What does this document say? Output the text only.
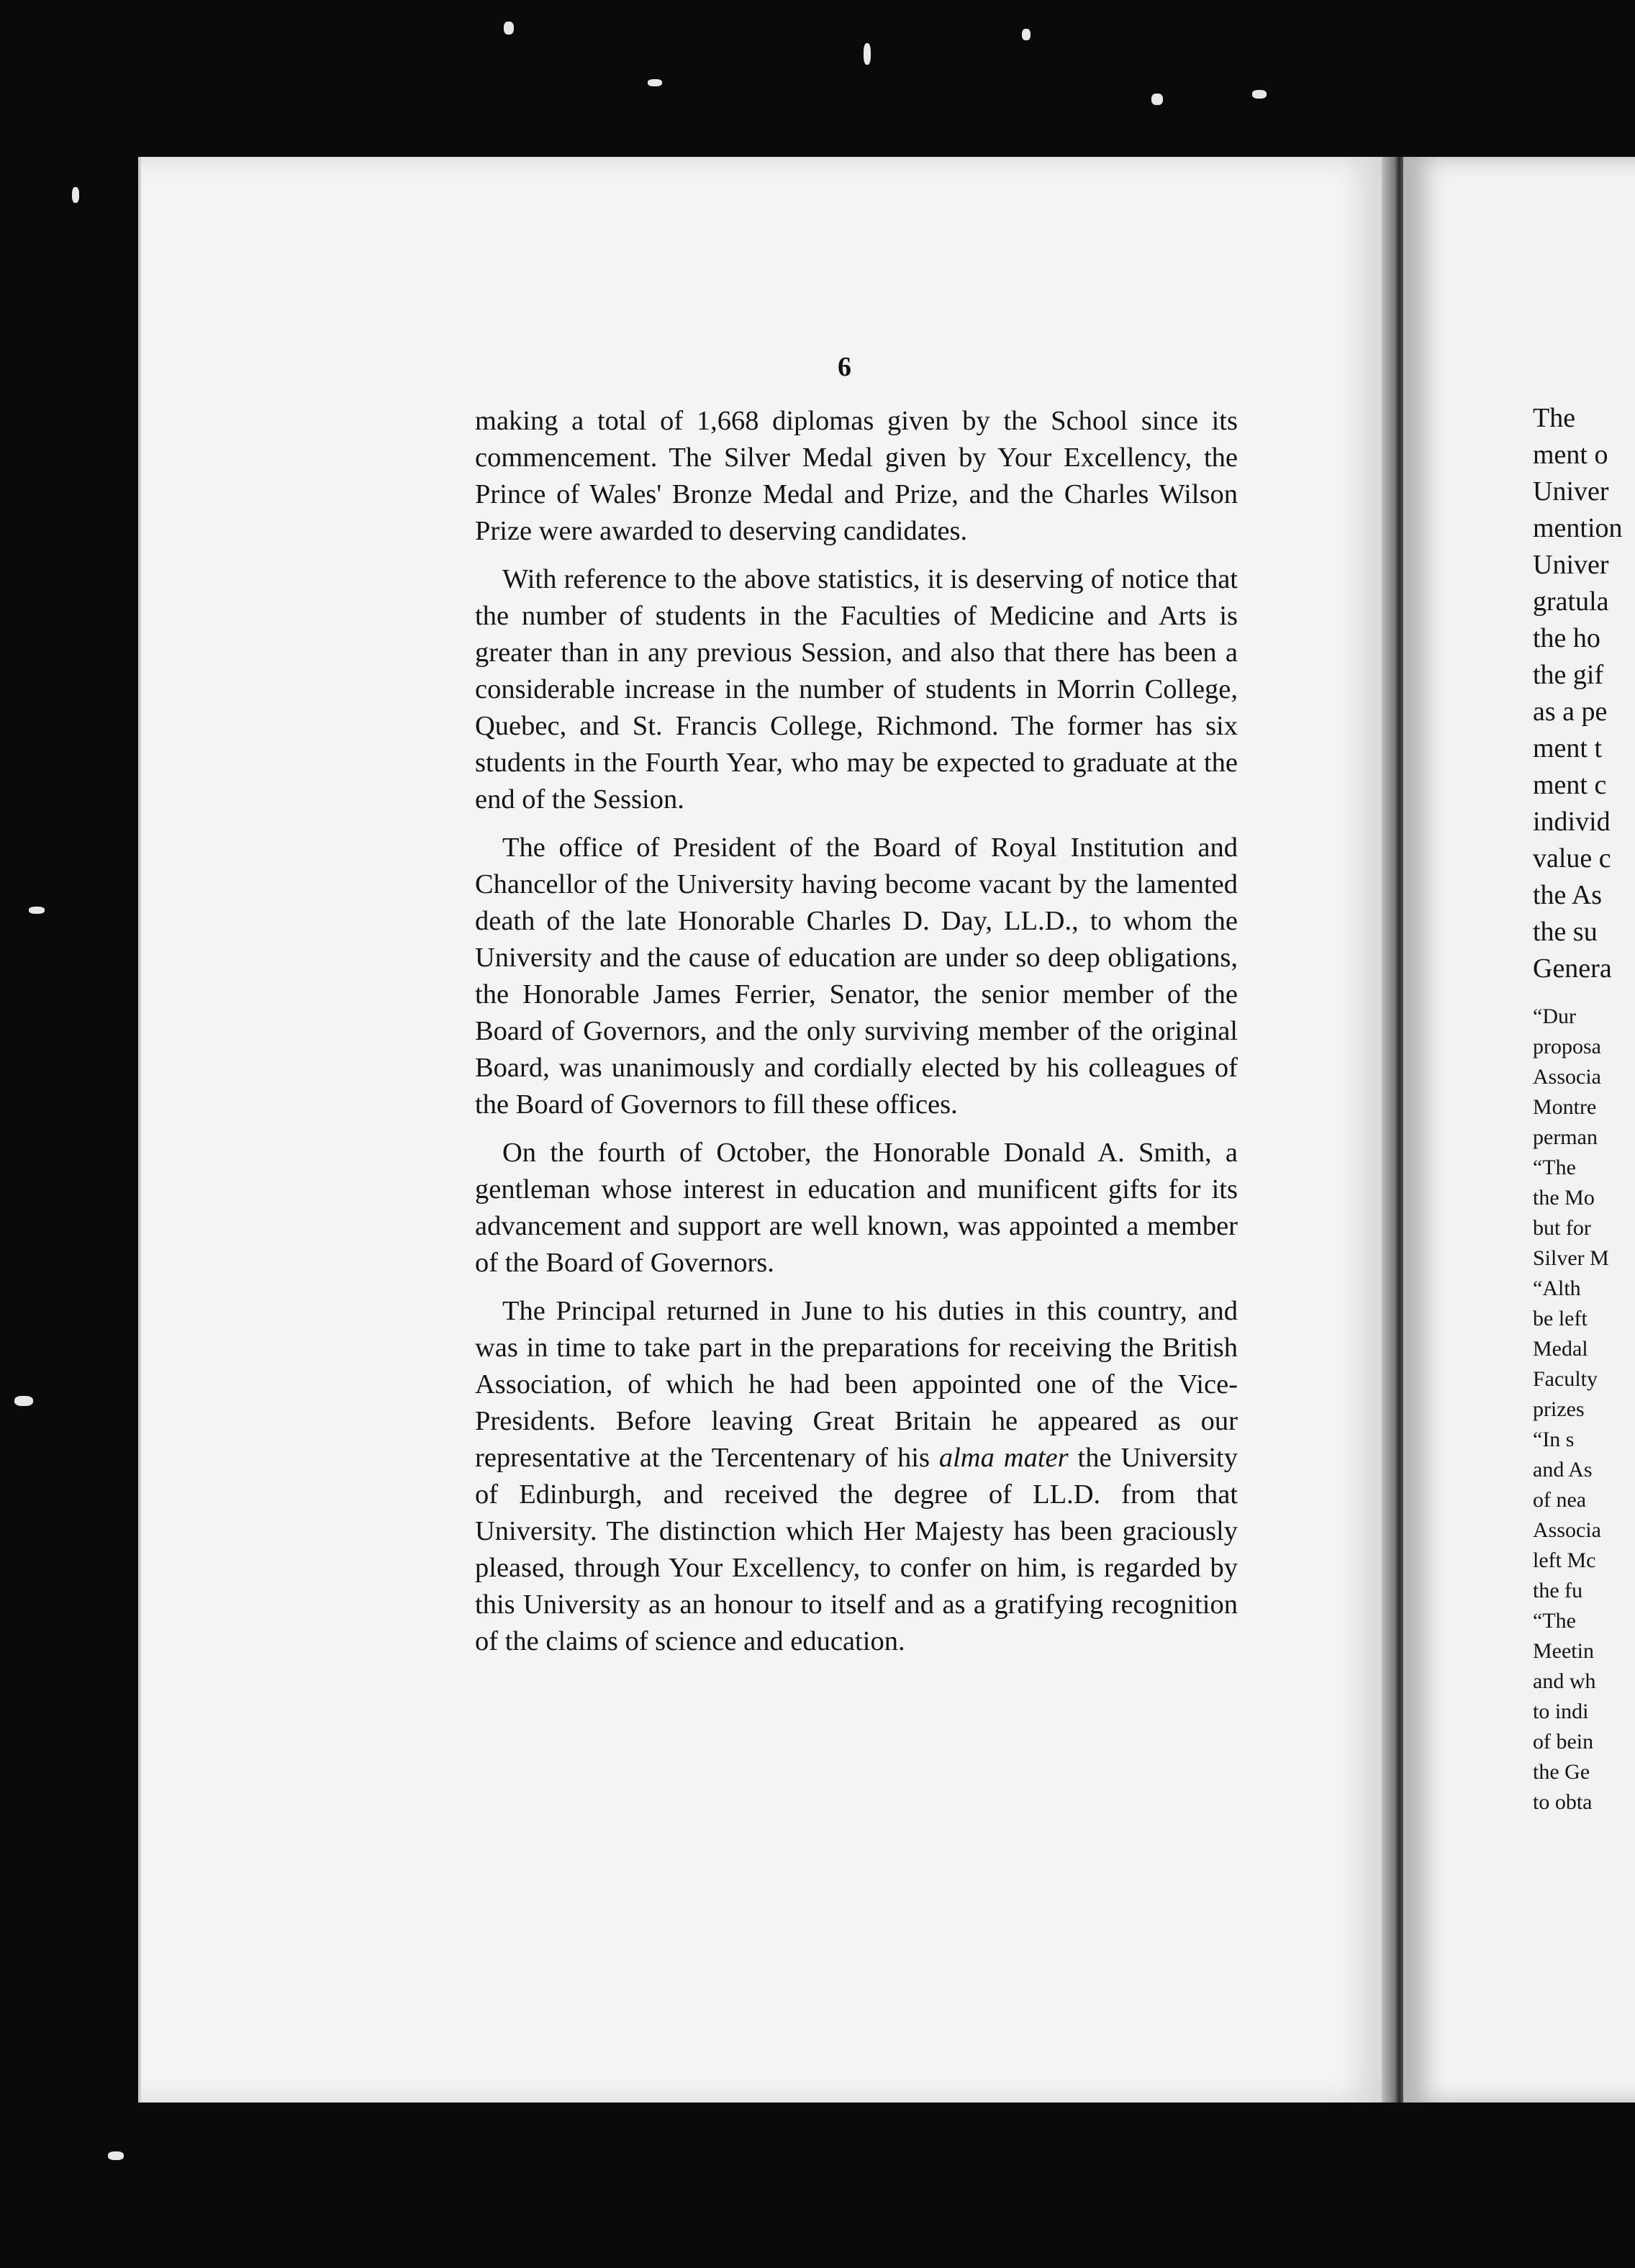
6

making a total of 1,668 diplomas given by the School since its commencement. The Silver Medal given by Your Excellency, the Prince of Wales' Bronze Medal and Prize, and the Charles Wilson Prize were awarded to deserving candidates.

With reference to the above statistics, it is deserving of notice that the number of students in the Faculties of Medicine and Arts is greater than in any previous Session, and also that there has been a considerable increase in the number of students in Morrin College, Quebec, and St. Francis College, Richmond. The former has six students in the Fourth Year, who may be expected to graduate at the end of the Session.

The office of President of the Board of Royal Institution and Chancellor of the University having become vacant by the lamented death of the late Honorable Charles D. Day, LL.D., to whom the University and the cause of education are under so deep obligations, the Honorable James Ferrier, Senator, the senior member of the Board of Governors, and the only surviving member of the original Board, was unanimously and cordially elected by his colleagues of the Board of Governors to fill these offices.

On the fourth of October, the Honorable Donald A. Smith, a gentleman whose interest in education and munificent gifts for its advancement and support are well known, was appointed a member of the Board of Governors.

The Principal returned in June to his duties in this country, and was in time to take part in the preparations for receiving the British Association, of which he had been appointed one of the Vice-Presidents. Before leaving Great Britain he appeared as our representative at the Tercentenary of his alma mater the University of Edinburgh, and received the degree of LL.D. from that University. The distinction which Her Majesty has been graciously pleased, through Your Excellency, to confer on him, is regarded by this University as an honour to itself and as a gratifying recognition of the claims of science and education.

The
ment o
Univer
mention
Univer
gratula
the ho
the gif
as a pe
ment t
ment c
individ
value c
the As
the su
Genera
“Dur
proposa
Associa
Montre
perman
“The
the Mo
but for
Silver M
“Alth
be left
Medal
Faculty
prizes
“In s
and As
of nea
Associa
left Mc
the fu
“The
Meetin
and wh
to indi
of bein
the Ge
to obta
